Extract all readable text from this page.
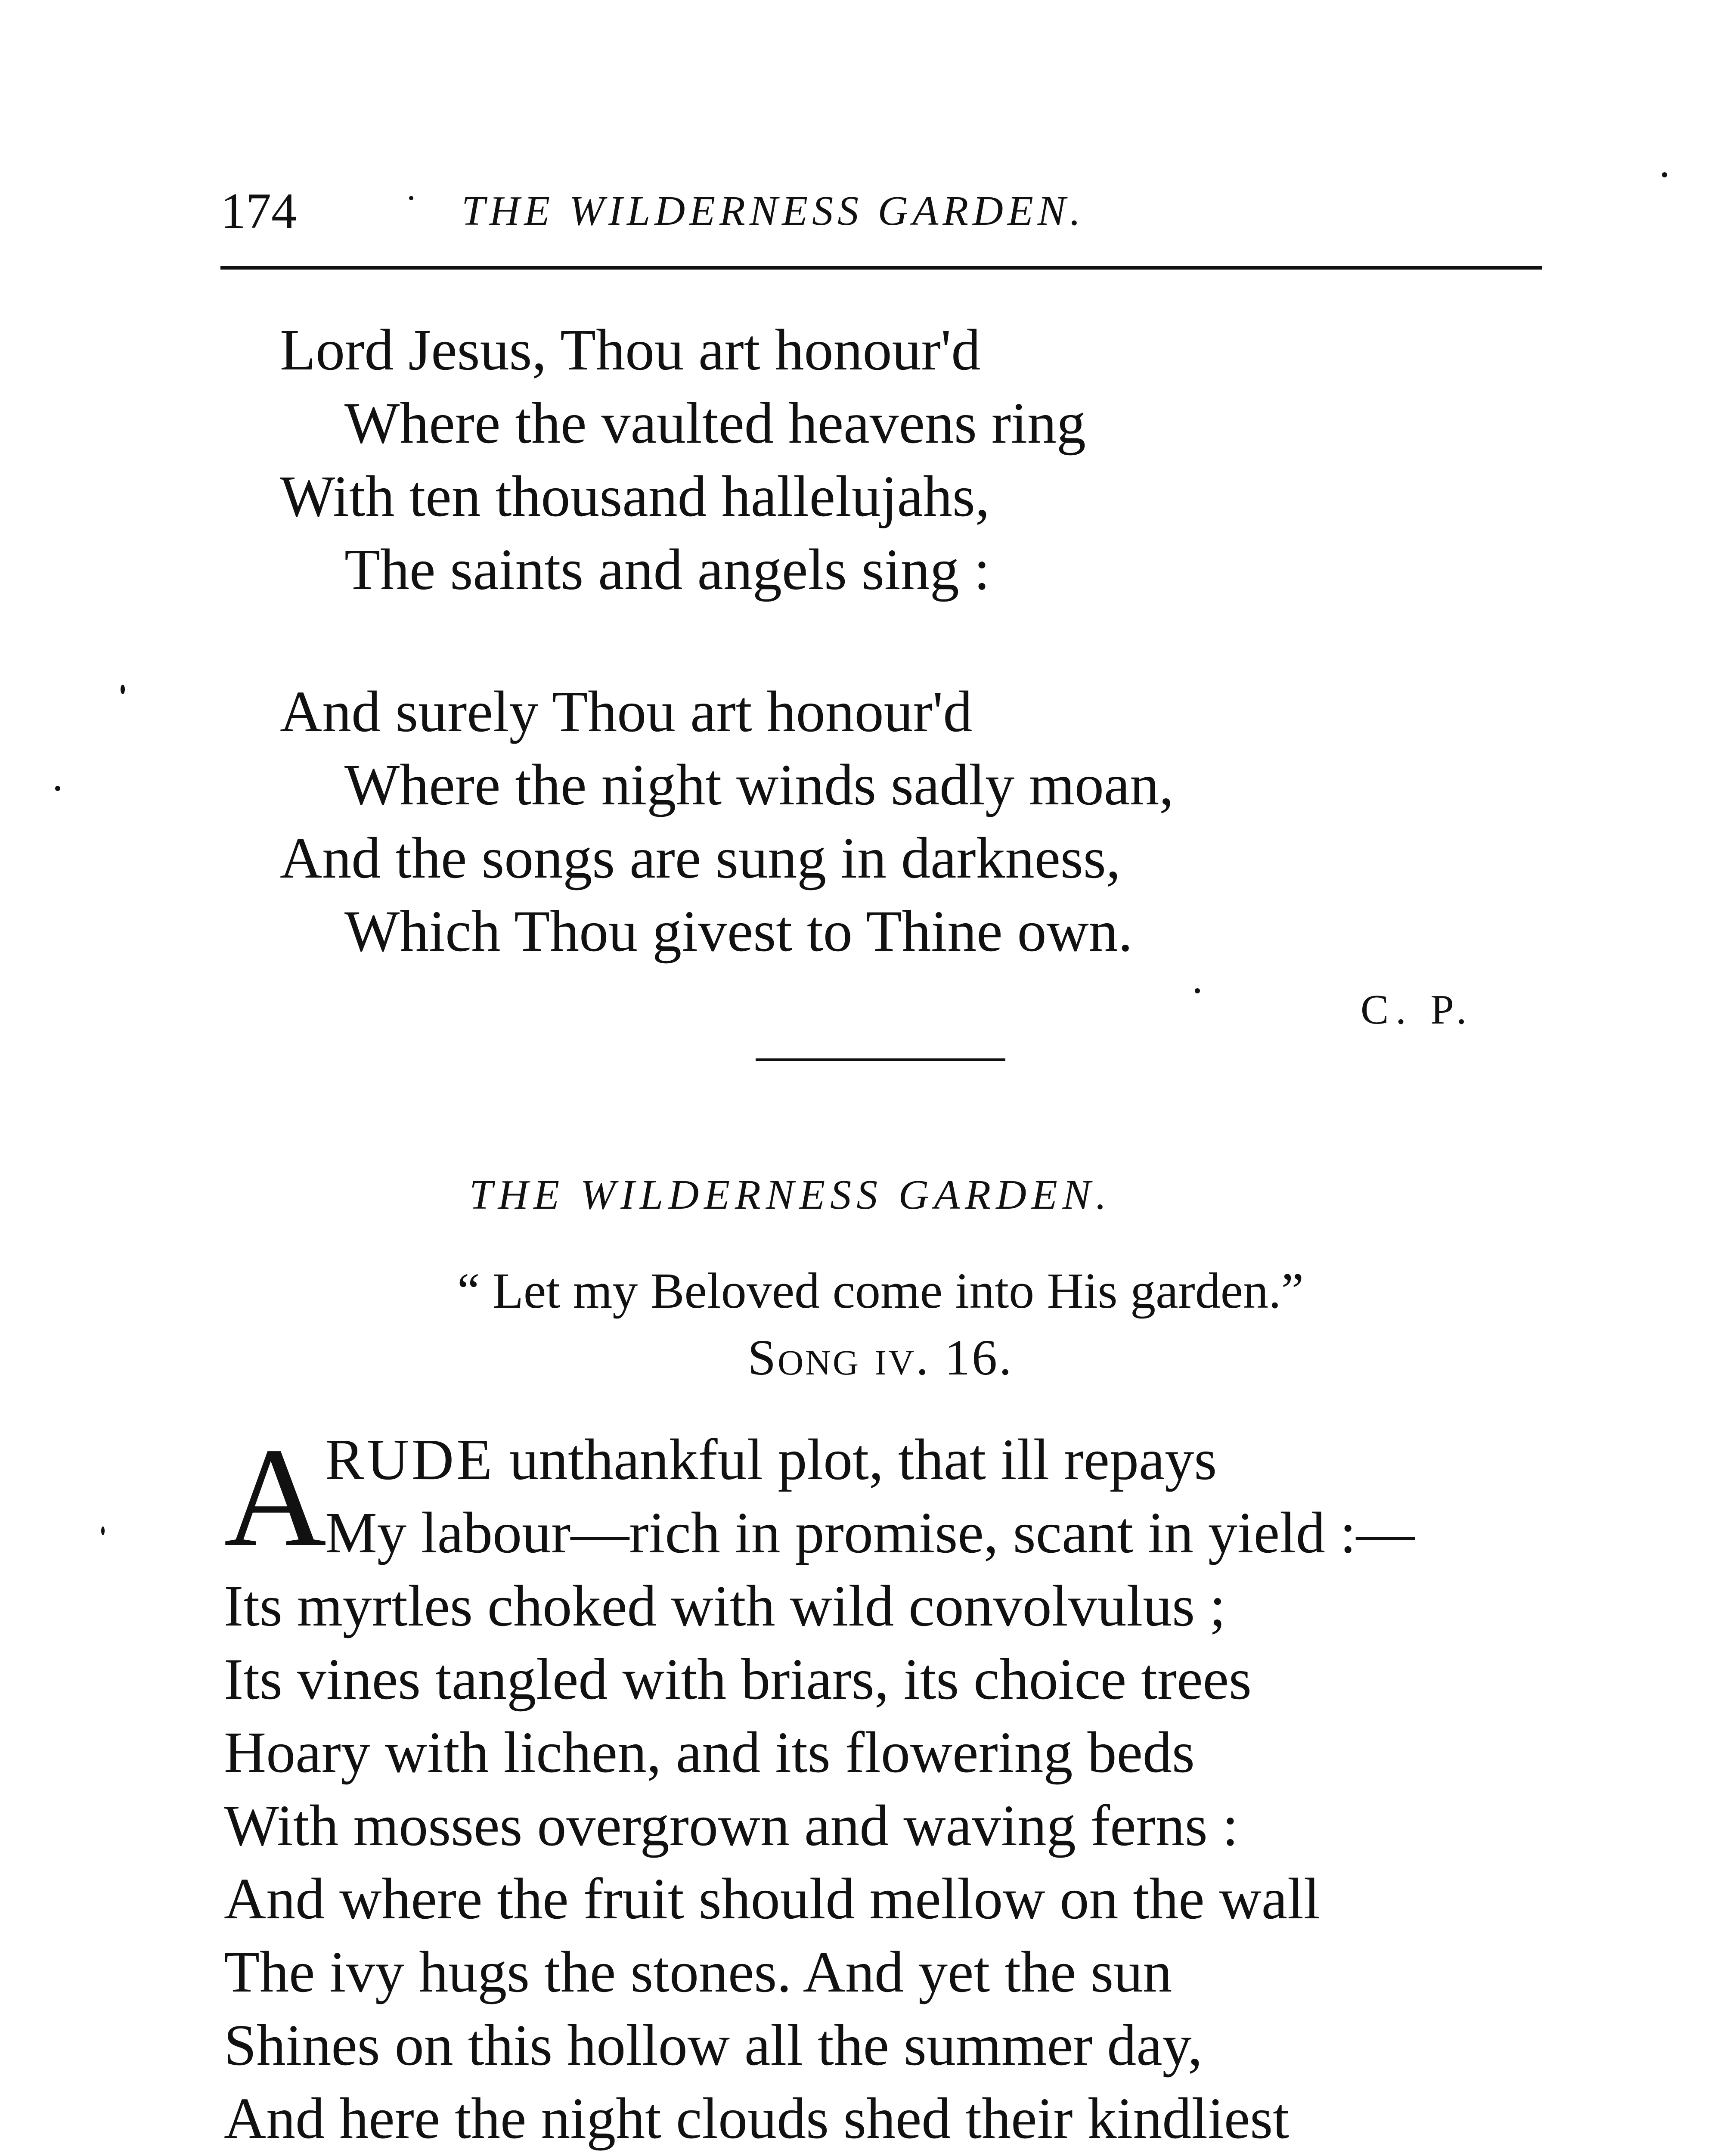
174	THE WILDERNESS GARDEN.
Lord Jesus, Thou art honour'd
Where the vaulted heavens ring
With ten thousand hallelujahs,
The saints and angels sing :
And surely Thou art honour'd
Where the night winds sadly moan,
And the songs are sung in darkness,
Which Thou givest to Thine own.
C. P.
THE WILDERNESS GARDEN.
“ Let my Beloved come into His garden.”
Song iv. 16.
A
RUDE unthankful plot, that ill repays
My labour—rich in promise, scant in yield :—
Its myrtles choked with wild convolvulus ;
Its vines tangled with briars, its choice trees
Hoary with lichen, and its flowering beds
With mosses overgrown and waving ferns :
And where the fruit should mellow on the wall
The ivy hugs the stones. And yet the sun
Shines on this hollow all the summer day,
And here the night clouds shed their kindliest
